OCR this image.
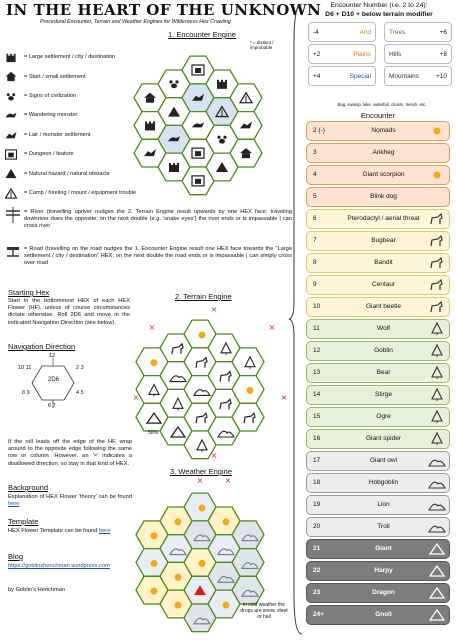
IN THE HEART OF THE UNKNOWN
Procedural Encounter, Terrain and Weather Engines for Wilderness Hex Crawling
1. Encounter Engine
* = distinct / improbable
= Large settlement / city / destination
= Start / small settlement
= Signs of civilization
= Wandering monster
= Lair / monster settlement
= Dungeon / feature
= Natural hazard / natural obstacle
= Camp / hireling / mount / equipment trouble
= River (travelling upriver nudges the 2. Terrain Engine result upwards by one HEX face; traveling downriver does the opposite; on the next double (e.g. ‘snake eyes’) the river ends or is impassable | can cross river
= Road (travelling on the road nudges the 1. Encounter Engine result one HEX face towards the “Large settlement / city / destination” HEX; on the next double the road ends or is impassable | can simply cross over road
Starting Hex
Start in the bottommost HEX of each HEX Flower (HF), unless of course circumstances dictate otherwise. Roll 2D6 and move in the indicated Navigation Direction (see below).
Navigation Direction
2D6
12
10 11	2 3
8 9	4 5
6 7
If the roll leads off the edge of the HF, wrap around to the opposite edge following the same row or column. However, an ‘×’ indicates a disallowed direction, so stay in that kind of HEX.
Background
Explanation of HEX Flower ‘theory’ can be found here
Template
HEX Flower Template can be found here
Blog
https://goblinshenchman.wordpress.com
by Goblin’s Henchman
2. Terrain Engine
×
×	×
×	×
×
50%
3. Weather Engine
×	×
in cold weather the drops are snow, sleet or hail
Encounter Number (i.e. 2 to 24):
D6 + D10 + below terrain modifier
-4	Arid	Trees	+6
+2	Plains	Hills	+8
+4	Special	Mountains	+10
Bog, swamp, lake, waterfall, chasm, trench, etc.
Encounter
2 (-)	Nomads
3	Ankheg
4	Giant scorpion
5	Blink dog
6	Pterodactyl / aerial threat
7	Bugbear
8	Bandit
9	Centaur
10	Giant beetle
11	Wolf
12	Goblin
13	Bear
14	Stirge
15	Ogre
16	Giant spider
17	Giant owl
18	Hobgoblin
19	Lion
20	Troll
21	Giant
22	Harpy
23	Dragon
24+	Gnoll
